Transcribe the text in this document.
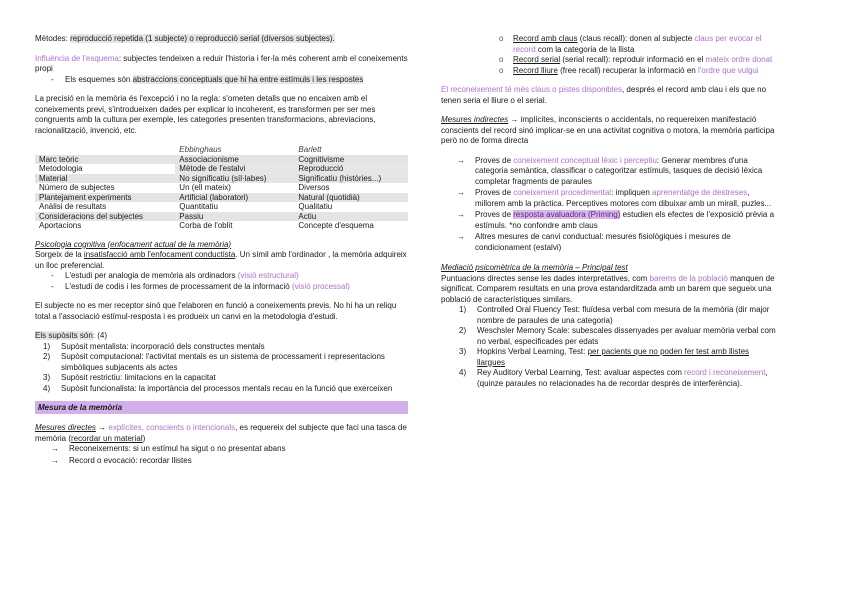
Mètodes: reproducció repetida (1 subjecte) o reproducció serial (diversos subjectes).

Influència de l'esquema: subjectes tendeixen a reduir l'historia i fer-la més coherent amb el coneixements propi

- Els esquemes són abstraccions conceptuals que hi ha entre estímuls i les respostes

La precisió en la memòria és l'excepció i no la regla: s'ometen detalls que no encaixen amb el coneixements previ, s'introdueixen dades per explicar lo incoherent, es transformen per ser mes congruents amb la cultura per exemple, les categories presenten transformacions, abreviacions, racionalització, invenció, etc.

	Ebbinghaus	Barlett
Marc teòric	Associacionisme	Cognitivisme
Metodologia	Mètode de l'estalvi	Reproducció
Material	No significatiu (síl·labes)	Significatiu (històries...)
Número de subjectes	Un (ell mateix)	Diversos
Plantejament experiments	Artificial (laboratori)	Natural (quotidià)
Anàlisi de resultats	Quantitatiu	Qualitatiu
Consideracions del subjectes	Passiu	Actiu
Aportacions	Corba de l'oblit	Concepte d'esquema

Psicologia cognitiva (enfocament actual de la memòria)

Sorgeix de la insatisfacció amb l'enfocament conductista. Un símil amb l'ordinador , la memòria adquireix un lloc preferencial.

- L'estudi per analogia de memòria als ordinadors (visió estructural)
- L'estudi de codis i les formes de processament de la informació (visió processal)

El subjecte no es mer receptor sinó que l'elaboren en funció a coneixements previs. No hi ha un reliqu total a l'associació estímul-resposta i es produeix un canvi en la metodologia d'estudi.

Els supòsits són: (4)

1) Supòsit mentalista: incorporació dels constructes mentals
2) Supòsit computacional: l'activitat mentals es un sistema de processament i representacions simbòliques subjacents als actes
3) Supòsit restrictiu: limitacions en la capacitat
4) Supòsit funcionalista: la importància del processos mentals recau en la funció que exerceixen
Mesura de la memòria

Mesures directes → explícites, conscients o intencionals, es requereix del subjecte que faci una tasca de memòria (recordar un material)

→ Reconeixements: si un estímul ha sigut o no presentat abans
→ Record o evocació: recordar llistes
o Record amb claus (claus recall): donen al subjecte claus per evocar el record com la categoria de la llista
o Record serial (serial recall): reproduir informació en el mateix ordre donat
o Record lliure (free recall) recuperar la informació en l'ordre que vulgui

El reconeixement té més claus o pistes disponibles, després el record amb clau i els que no tenen seria el lliure o el serial.

Mesures indirectes → implícites, inconscients o accidentals, no requereixen manifestació conscients del record sinó implicar-se en una activitat cognitiva o motora, la memòria participa però no de forma directa

→ Proves de coneixement conceptual lèxic i perceptiu: Generar membres d'una categoria semàntica, classificar o categoritzar estímuls, tasques de decisió lèxica completar fragments de paraules
→ Proves de coneixement procedimental: impliquen aprenentatge de destreses, millorem amb la pràctica. Perceptives motores com dibuixar amb un mirall, puzles...
→ Proves de resposta avaluadora (Priming) estudien els efectes de l'exposició prèvia a estímuls. *no confondre amb claus
→ Altres mesures de canvi conductual: mesures fisiològiques i mesures de condicionament (estalvi)

Mediació psicomètrica de la memòria – Principal test

Puntuacions directes sense les dades interpretatives, com barems de la població manquen de significat. Comparem resultats en una prova estandarditzada amb un barem que segueix una població de característiques similars.

1) Controlled Oral Fluency Test: fluïdesa verbal com mesura de la memòria (dir major nombre de paraules de una categoria)
2) Weschsler Memory Scale: subescales dissenyades per avaluar memòria verbal com no verbal, especificades per edats
3) Hopkins Verbal Learning, Test: per pacients que no poden fer test amb llistes llargues
4) Rey Auditory Verbal Learning, Test: avaluar aspectes com record i reconeixement, (quinze paraules no relacionades ha de recordar després de interferència).
